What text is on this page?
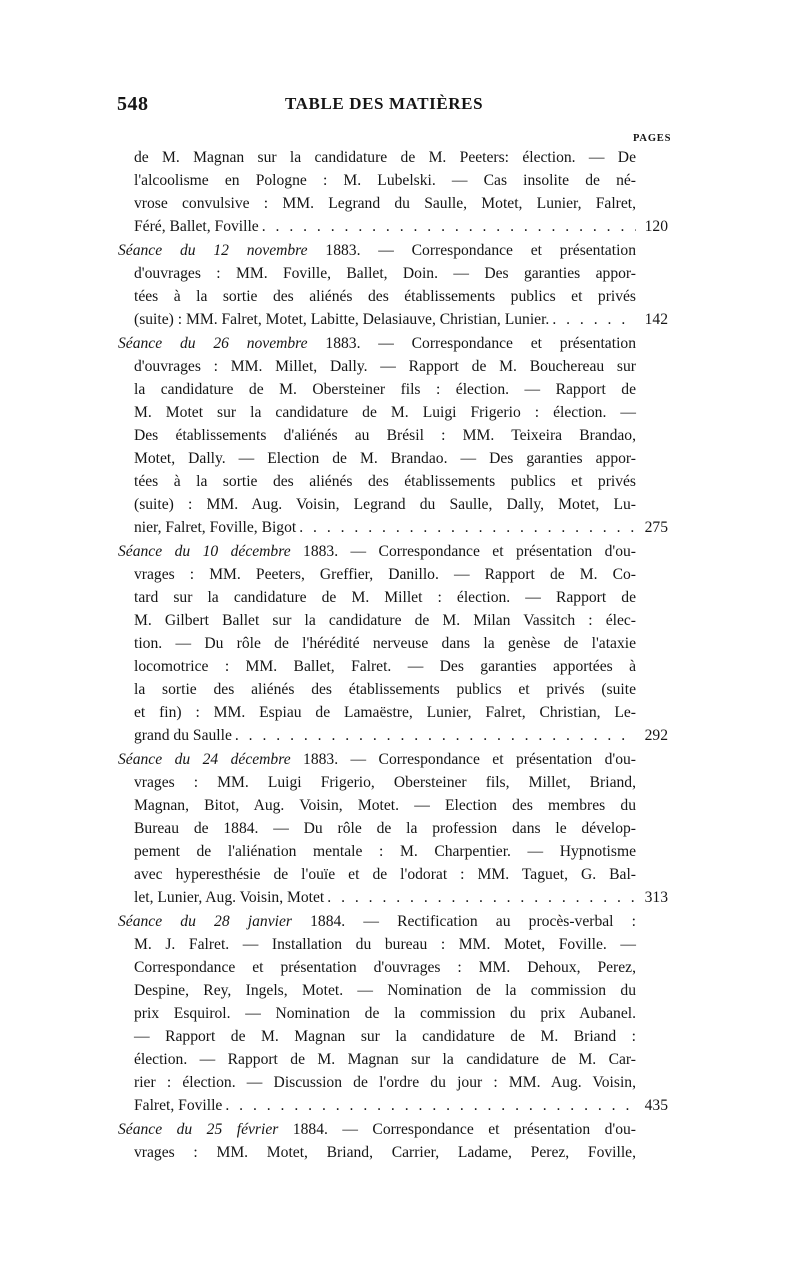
548	TABLE DES MATIÈRES
PAGES
de M. Magnan sur la candidature de M. Peeters: élection. — De
l'alcoolisme en Pologne : M. Lubelski. — Cas insolite de né-
vrose convulsive : MM. Legrand du Saulle, Motet, Lunier, Falret,
120
Féré, Ballet, Foville
. . .
Séance du 12 novembre 1883. — Correspondance et présentation
d'ouvrages : MM. Foville, Ballet, Doin. — Des garanties appor-
tées à la sortie des aliénés des établissements publics et privés
142
(suite) : MM. Falret, Motet, Labitte, Delasiauve, Christian, Lunier.
. . .
Séance du 26 novembre 1883. — Correspondance et présentation
d'ouvrages : MM. Millet, Dally. — Rapport de M. Bouchereau sur
la candidature de M. Obersteiner fils : élection. — Rapport de
M. Motet sur la candidature de M. Luigi Frigerio : élection. —
Des établissements d'aliénés au Brésil : MM. Teixeira Brandao,
Motet, Dally. — Election de M. Brandao. — Des garanties appor-
tées à la sortie des aliénés des établissements publics et privés
(suite) : MM. Aug. Voisin, Legrand du Saulle, Dally, Motet, Lu-
275
nier, Falret, Foville, Bigot
. . .
Séance du 10 décembre 1883. — Correspondance et présentation d'ou-
vrages : MM. Peeters, Greffier, Danillo. — Rapport de M. Co-
tard sur la candidature de M. Millet : élection. — Rapport de
M. Gilbert Ballet sur la candidature de M. Milan Vassitch : élec-
tion. — Du rôle de l'hérédité nerveuse dans la genèse de l'ataxie
locomotrice : MM. Ballet, Falret. — Des garanties apportées à
la sortie des aliénés des établissements publics et privés (suite
et fin) : MM. Espiau de Lamaëstre, Lunier, Falret, Christian, Le-
292
grand du Saulle
. . .
Séance du 24 décembre 1883. — Correspondance et présentation d'ou-
vrages : MM. Luigi Frigerio, Obersteiner fils, Millet, Briand,
Magnan, Bitot, Aug. Voisin, Motet. — Election des membres du
Bureau de 1884. — Du rôle de la profession dans le dévelop-
pement de l'aliénation mentale : M. Charpentier. — Hypnotisme
avec hyperesthésie de l'ouïe et de l'odorat : MM. Taguet, G. Bal-
313
let, Lunier, Aug. Voisin, Motet
. . .
Séance du 28 janvier 1884. — Rectification au procès-verbal :
M. J. Falret. — Installation du bureau : MM. Motet, Foville. —
Correspondance et présentation d'ouvrages : MM. Dehoux, Perez,
Despine, Rey, Ingels, Motet. — Nomination de la commission du
prix Esquirol. — Nomination de la commission du prix Aubanel.
— Rapport de M. Magnan sur la candidature de M. Briand :
élection. — Rapport de M. Magnan sur la candidature de M. Car-
rier : élection. — Discussion de l'ordre du jour : MM. Aug. Voisin,
435
Falret, Foville
. . .
Séance du 25 février 1884. — Correspondance et présentation d'ou-
vrages : MM. Motet, Briand, Carrier, Ladame, Perez, Foville,
